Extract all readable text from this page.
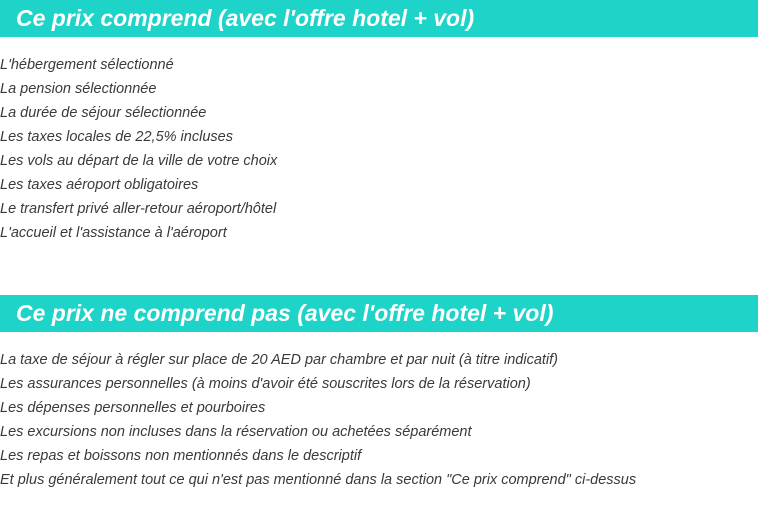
Ce prix comprend (avec l'offre hotel + vol)
L'hébergement sélectionné
La pension sélectionnée
La durée de séjour sélectionnée
Les taxes locales de 22,5% incluses
Les vols au départ de la ville de votre choix
Les taxes aéroport obligatoires
Le transfert privé aller-retour aéroport/hôtel
L'accueil et l'assistance à l'aéroport
Ce prix ne comprend pas (avec l'offre hotel + vol)
La taxe de séjour à régler sur place de 20 AED par chambre et par nuit (à titre indicatif)
Les assurances personnelles (à moins d'avoir été souscrites lors de la réservation)
Les dépenses personnelles et pourboires
Les excursions non incluses dans la réservation ou achetées séparément
Les repas et boissons non mentionnés dans le descriptif
Et plus généralement tout ce qui n'est pas mentionné dans la section "Ce prix comprend" ci-dessus
